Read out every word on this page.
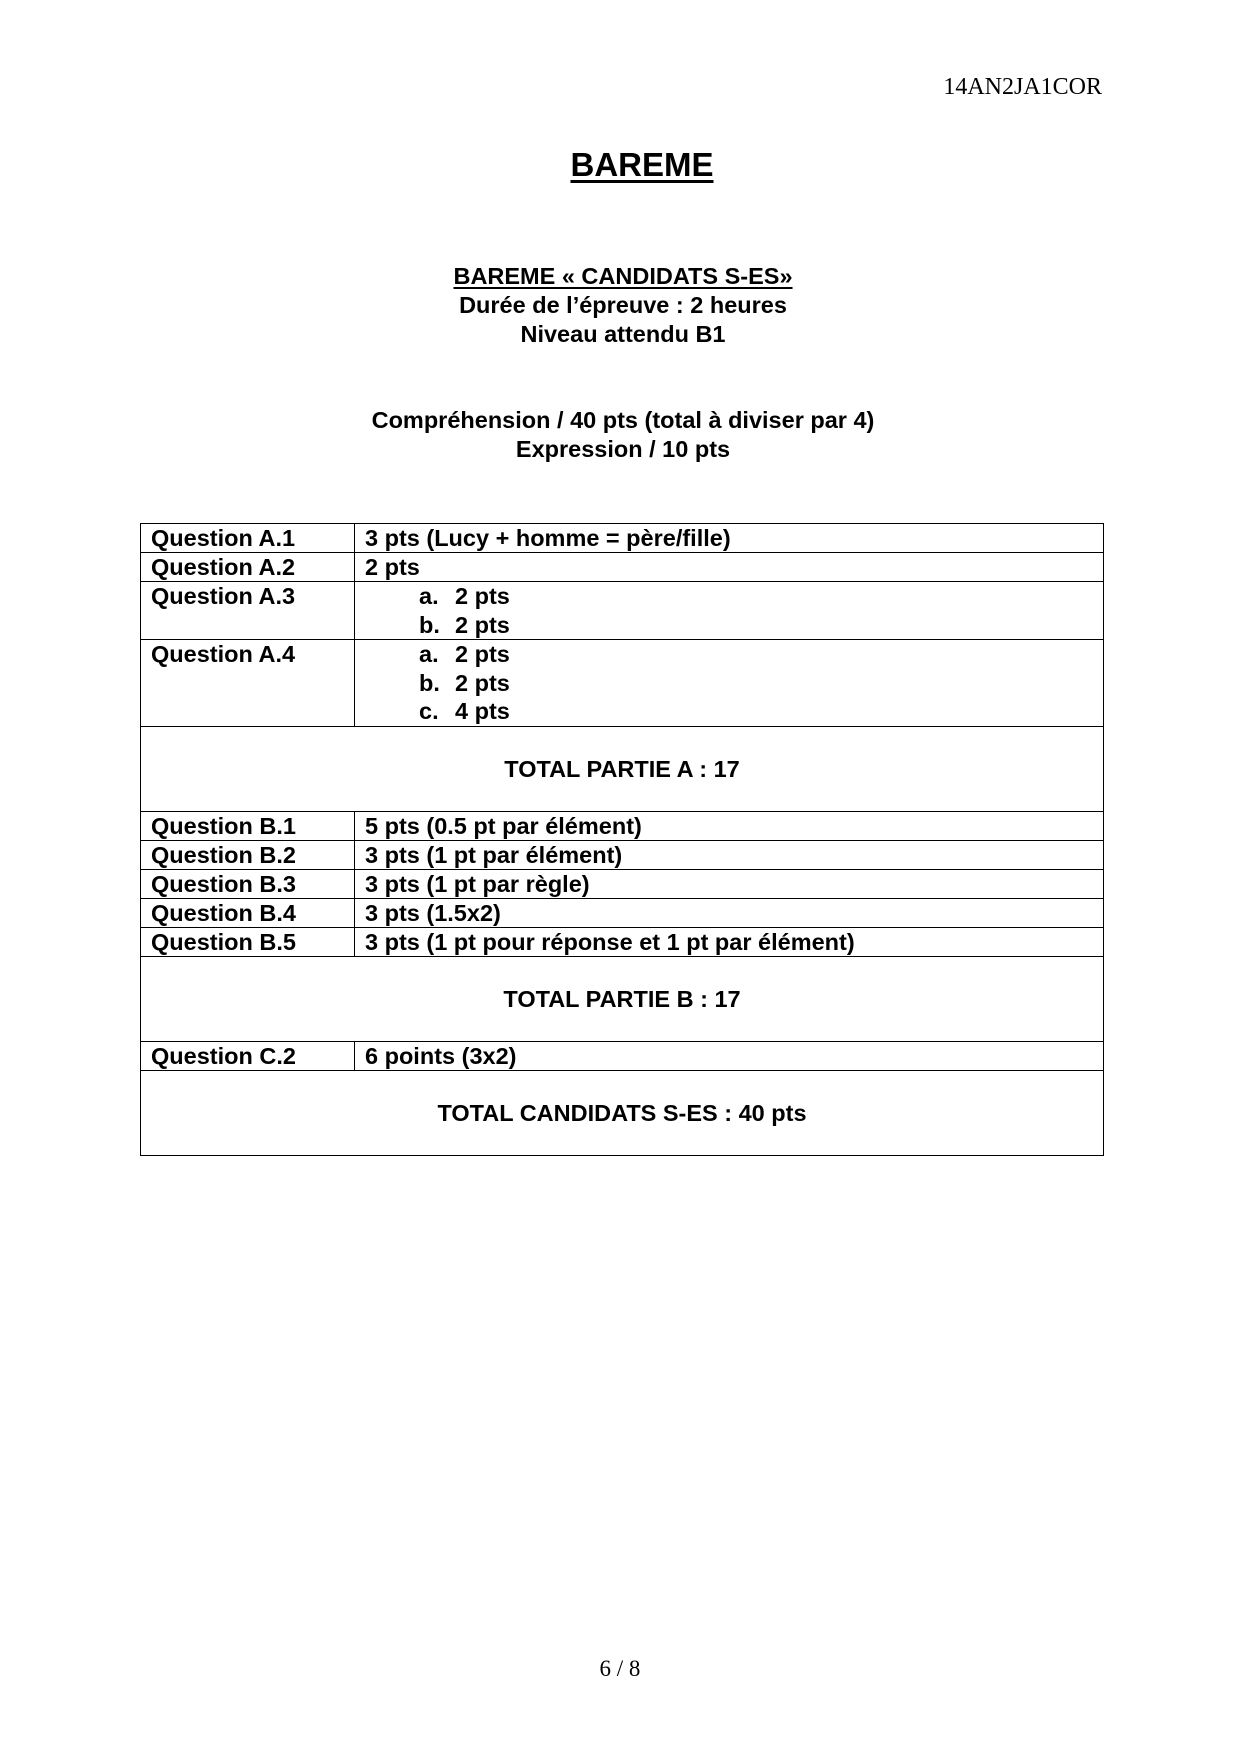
14AN2JA1COR
BAREME
BAREME « CANDIDATS S-ES»
Durée de l’épreuve : 2 heures
Niveau attendu B1
Compréhension / 40 pts (total à diviser par 4)
Expression / 10 pts
Question A.1	3 pts (Lucy + homme = père/fille)
Question A.2	2 pts
Question A.3	a. 2 pts
b. 2 pts

Question A.4	a. 2 pts
b. 2 pts
c. 4 pts

TOTAL PARTIE A : 17	
Question B.1	5 pts (0.5 pt par élément)
Question B.2	3 pts (1 pt par élément)
Question B.3	3 pts (1 pt par règle)
Question B.4	3 pts (1.5x2)
Question B.5	3 pts (1 pt pour réponse et 1 pt par élément)
TOTAL PARTIE B : 17	
Question C.2	6 points (3x2)
TOTAL CANDIDATS S-ES : 40 pts	
6 / 8
